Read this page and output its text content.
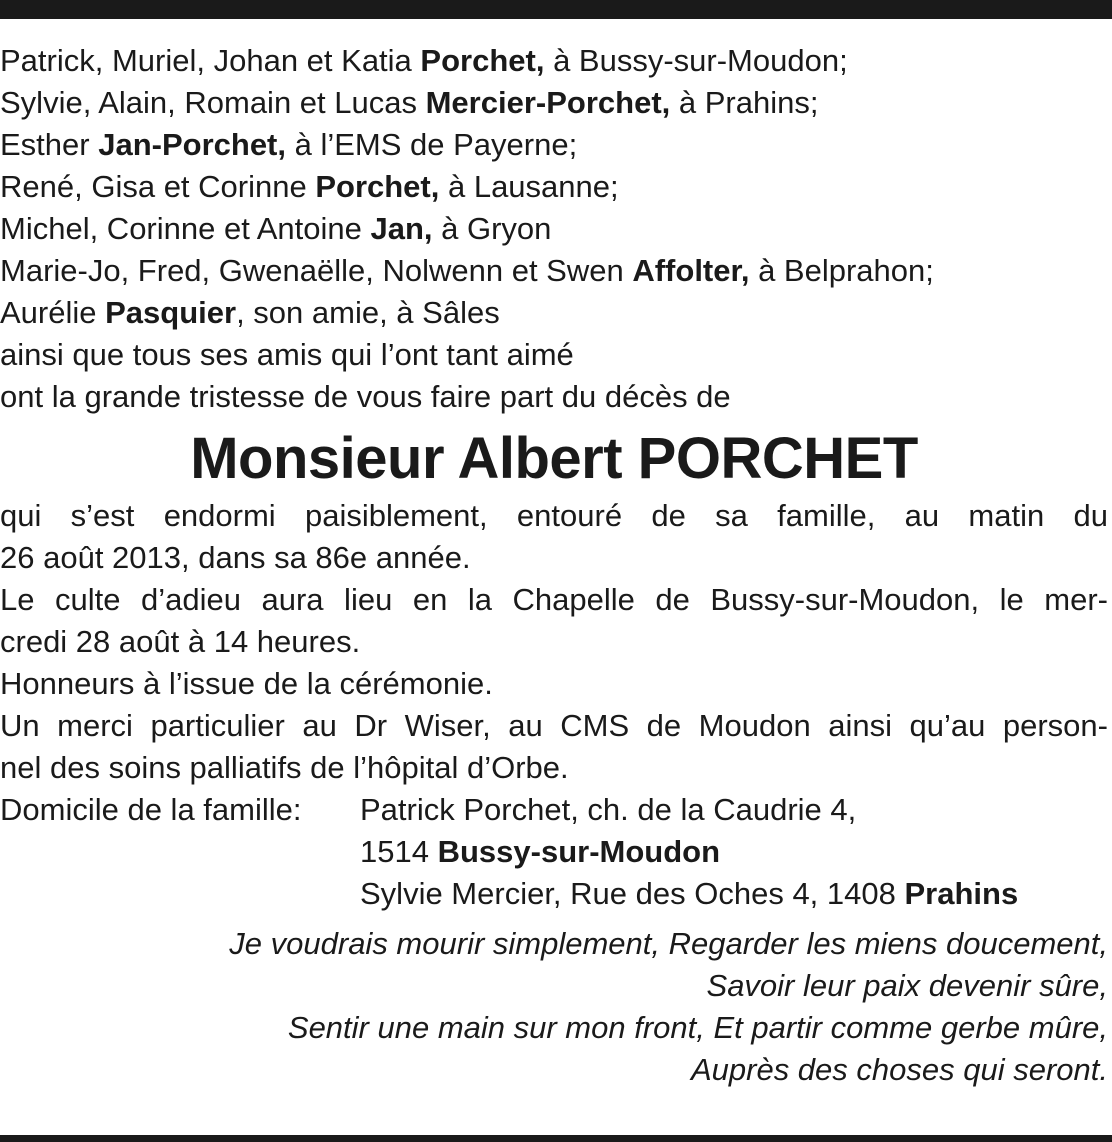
Patrick, Muriel, Johan et Katia Porchet, à Bussy-sur-Moudon;

Sylvie, Alain, Romain et Lucas Mercier-Porchet, à Prahins;

Esther Jan-Porchet, à l’EMS de Payerne;

René, Gisa et Corinne Porchet, à Lausanne;

Michel, Corinne et Antoine Jan, à Gryon

Marie-Jo, Fred, Gwenaëlle, Nolwenn et Swen Affolter, à Belprahon;

Aurélie Pasquier, son amie, à Sâles

ainsi que tous ses amis qui l’ont tant aimé

ont la grande tristesse de vous faire part du décès de

Monsieur Albert PORCHET

qui s’est endormi paisiblement, entouré de sa famille, au matin du

26 août 2013, dans sa 86e année.

Le culte d’adieu aura lieu en la Chapelle de Bussy-sur-Moudon, le mer-

credi 28 août à 14 heures.

Honneurs à l’issue de la cérémonie.

Un merci particulier au Dr Wiser, au CMS de Moudon ainsi qu’au person-

nel des soins palliatifs de l’hôpital d’Orbe.

Domicile de la famille: Patrick Porchet, ch. de la Caudrie 4,
1514 Bussy-sur-Moudon
Sylvie Mercier, Rue des Oches 4, 1408 Prahins
Je voudrais mourir simplement, Regarder les miens doucement,
Savoir leur paix devenir sûre,
Sentir une main sur mon front, Et partir comme gerbe mûre,
Auprès des choses qui seront.
